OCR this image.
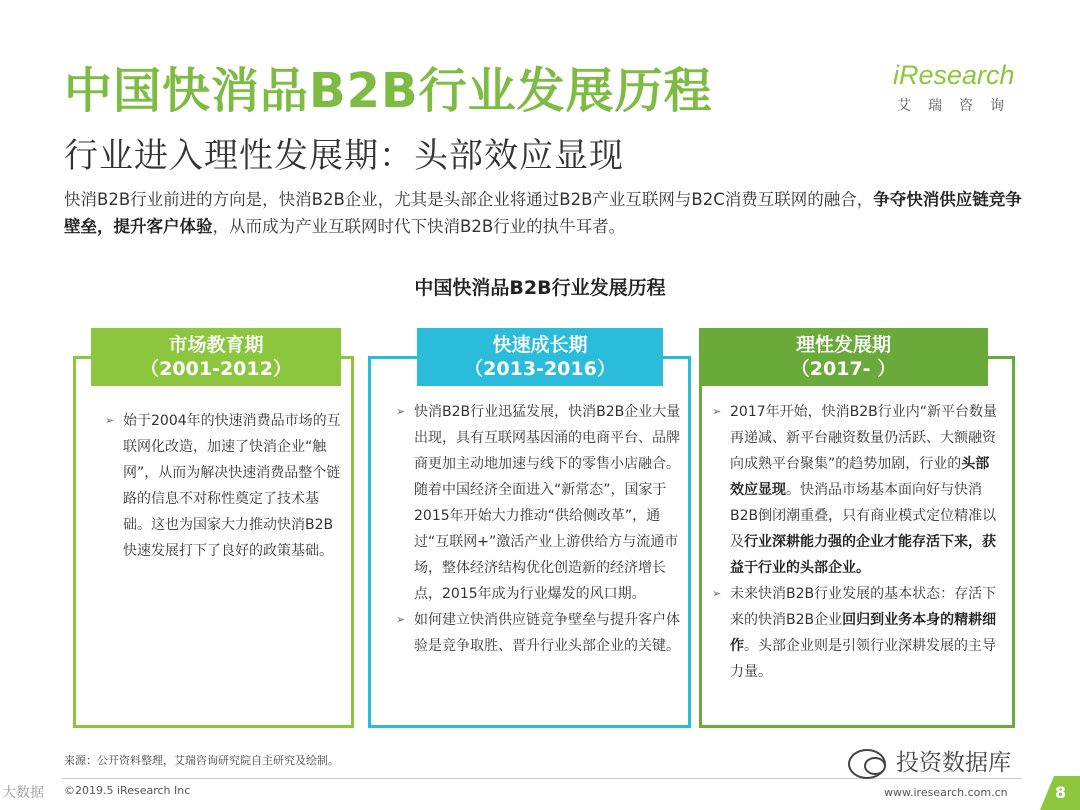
中国快消品B2B行业发展历程
行业进入理性发展期：头部效应显现
iResearch
艾瑞咨询
快消B2B行业前进的方向是，快消B2B企业，尤其是头部企业将通过B2B产业互联网与B2C消费互联网的融合，争夺快消供应链竞争壁垒，提升客户体验，从而成为产业互联网时代下快消B2B行业的执牛耳者。
中国快消品B2B行业发展历程
市场教育期
（2001-2012）
➢ 始于2004年的快速消费品市场的互联网化改造，加速了快消企业“触网”，从而为解决快速消费品整个链路的信息不对称性奠定了技术基础。这也为国家大力推动快消B2B快速发展打下了良好的政策基础。
快速成长期
（2013-2016）
➢ 快消B2B行业迅猛发展，快消B2B企业大量出现，具有互联网基因涌的电商平台、品牌商更加主动地加速与线下的零售小店融合。随着中国经济全面进入“新常态”，国家于2015年开始大力推动“供给侧改革”，通过“互联网+”激活产业上游供给方与流通市场，整体经济结构优化创造新的经济增长点，2015年成为行业爆发的风口期。
➢ 如何建立快消供应链竞争壁垒与提升客户体验是竞争取胜、晋升行业头部企业的关键。
理性发展期
（2017- ）
➢ 2017年开始，快消B2B行业内“新平台数量再递减、新平台融资数量仍活跃、大额融资向成熟平台聚集”的趋势加剧，行业的头部效应显现。快消品市场基本面向好与快消B2B倒闭潮重叠，只有商业模式定位精准以及行业深耕能力强的企业才能存活下来，获益于行业的头部企业。
➢ 未来快消B2B行业发展的基本状态：存活下来的快消B2B企业回归到业务本身的精耕细作。头部企业则是引领行业深耕发展的主导力量。
来源：公开资料整理，艾瑞咨询研究院自主研究及绘制。
©2019.5 iResearch Inc	www.iresearch.com.cn	8
投资数据库
大数据
